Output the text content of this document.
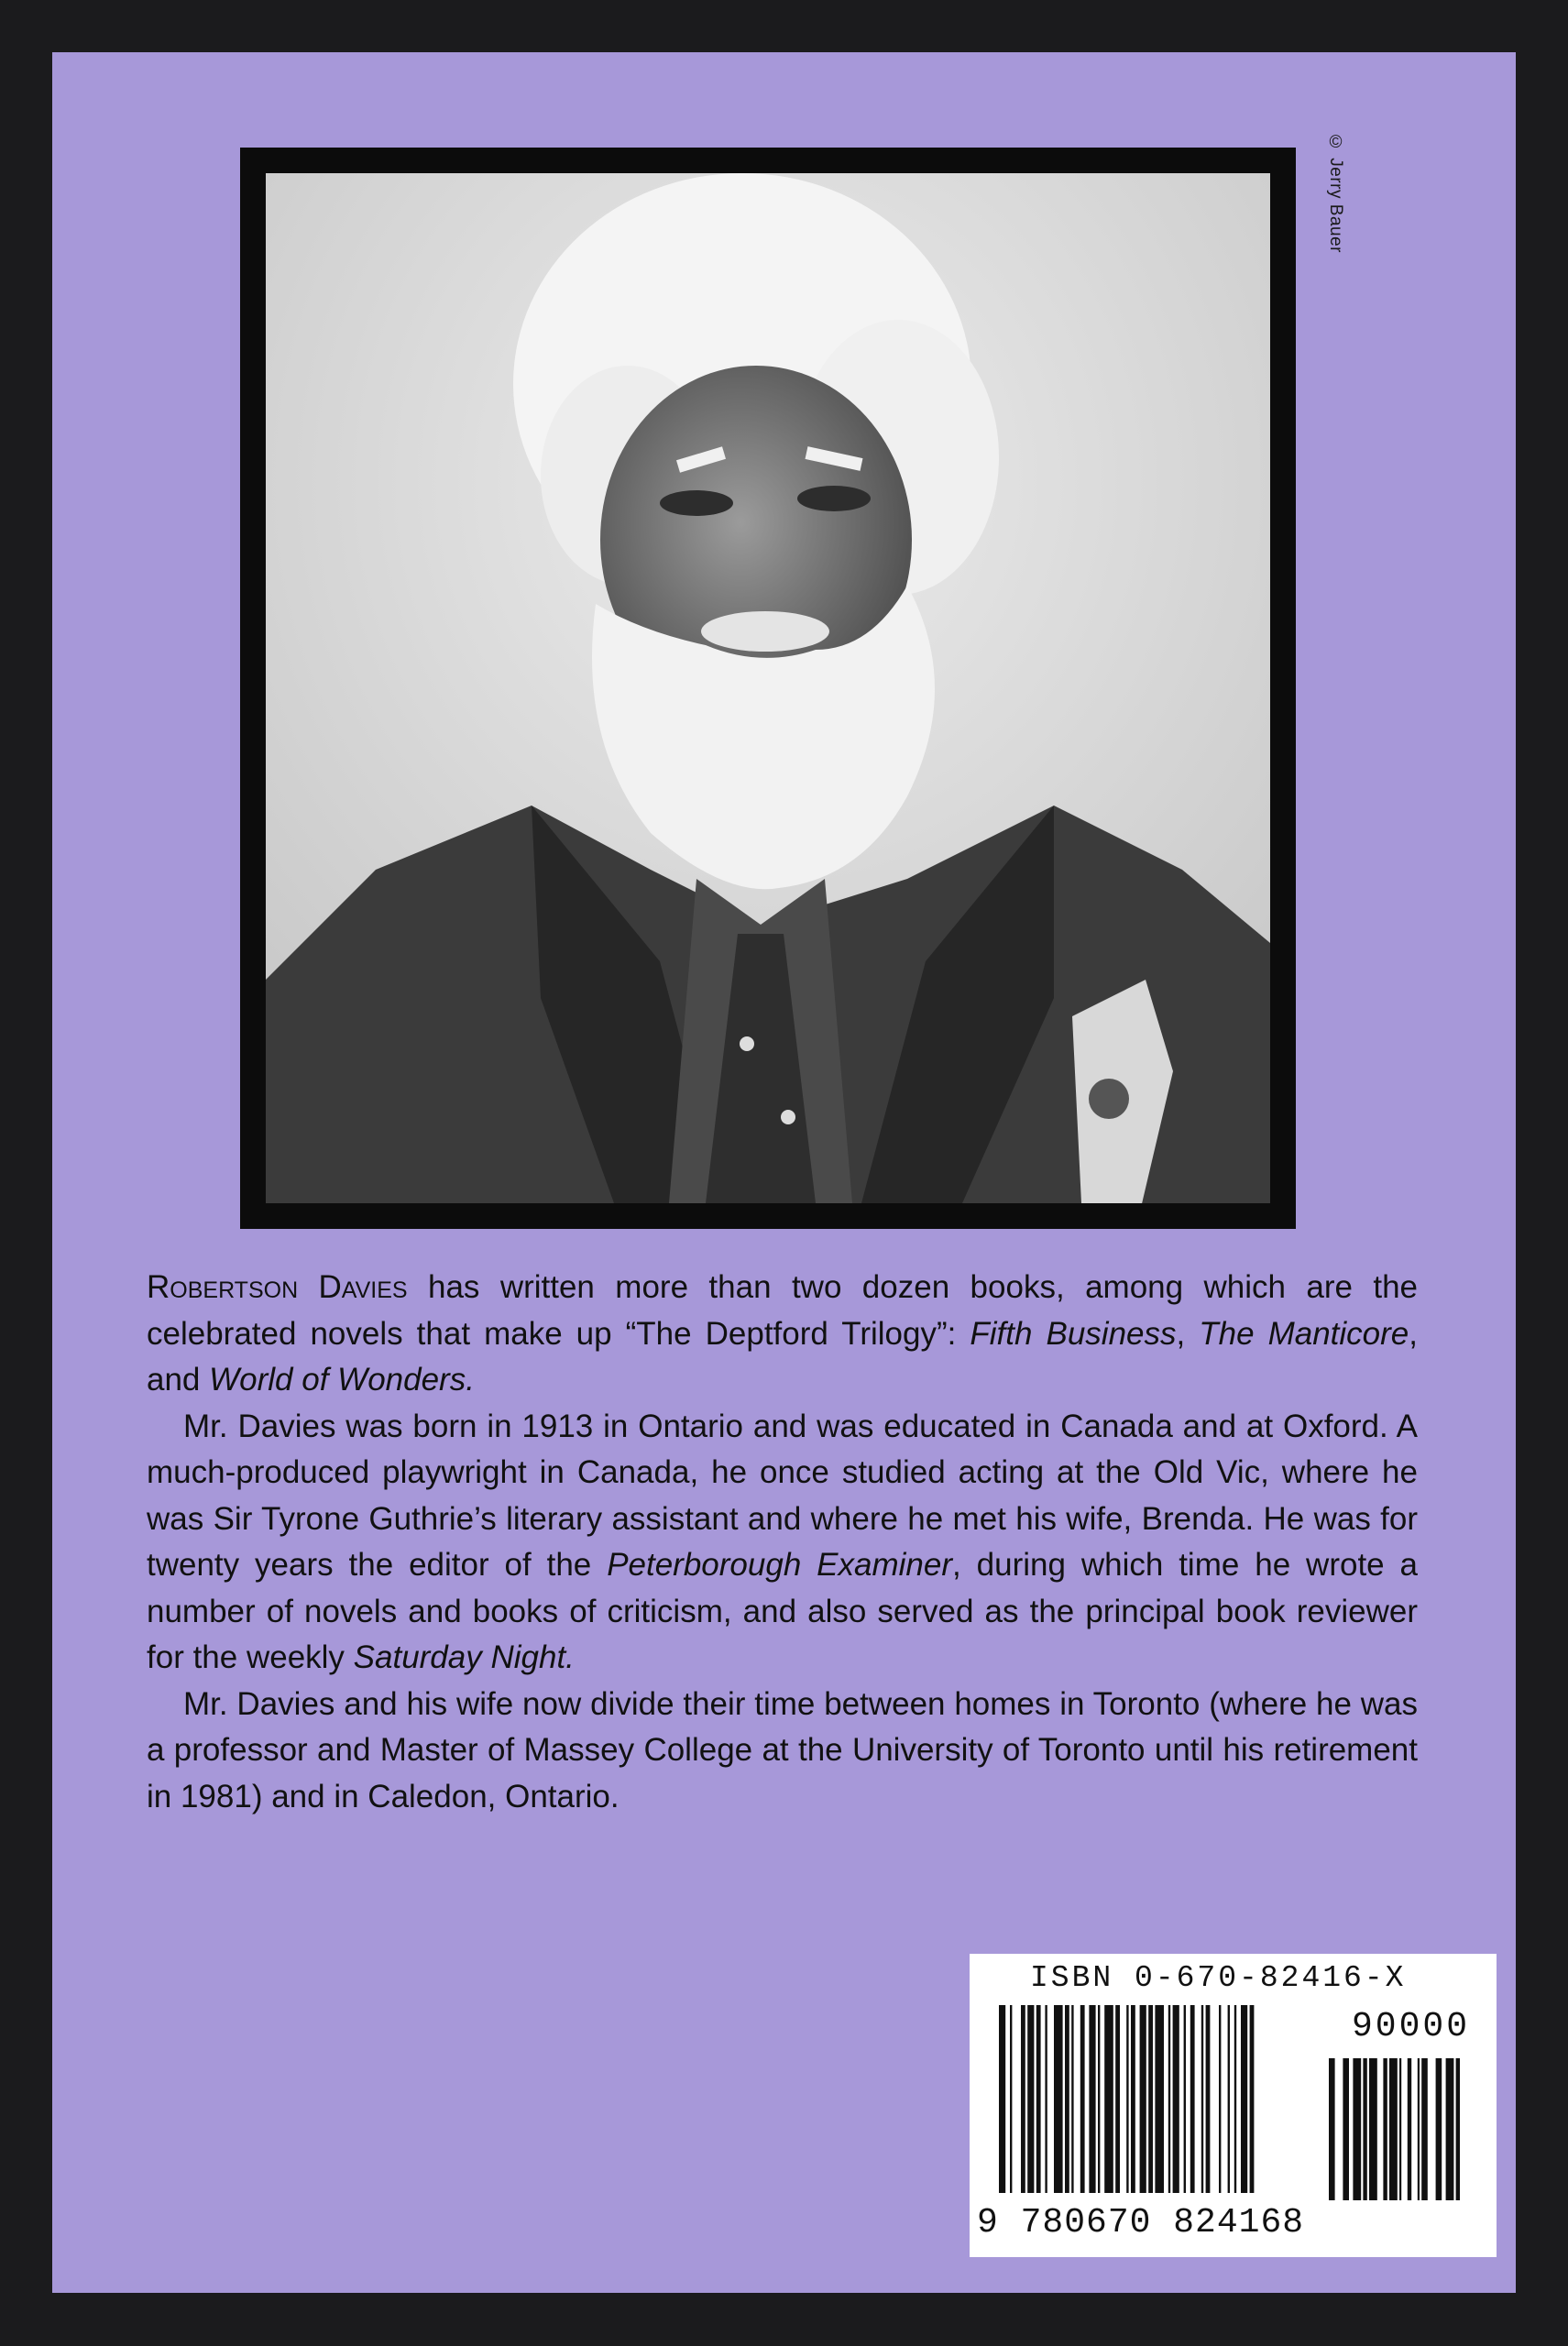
© Jerry Bauer

Robertson Davies has written more than two dozen books, among which are the celebrated novels that make up “The Deptford Trilogy”: Fifth Business, The Manticore, and World of Wonders.

Mr. Davies was born in 1913 in Ontario and was educated in Canada and at Oxford. A much-produced playwright in Canada, he once studied acting at the Old Vic, where he was Sir Tyrone Guthrie’s literary assistant and where he met his wife, Brenda. He was for twenty years the editor of the Peterborough Examiner, during which time he wrote a number of novels and books of criticism, and also served as the principal book reviewer for the weekly Saturday Night.

Mr. Davies and his wife now divide their time between homes in Toronto (where he was a professor and Master of Massey College at the University of Toronto until his retirement in 1981) and in Caledon, Ontario.

ISBN 0-670-82416-X
90000
9 780670 824168
